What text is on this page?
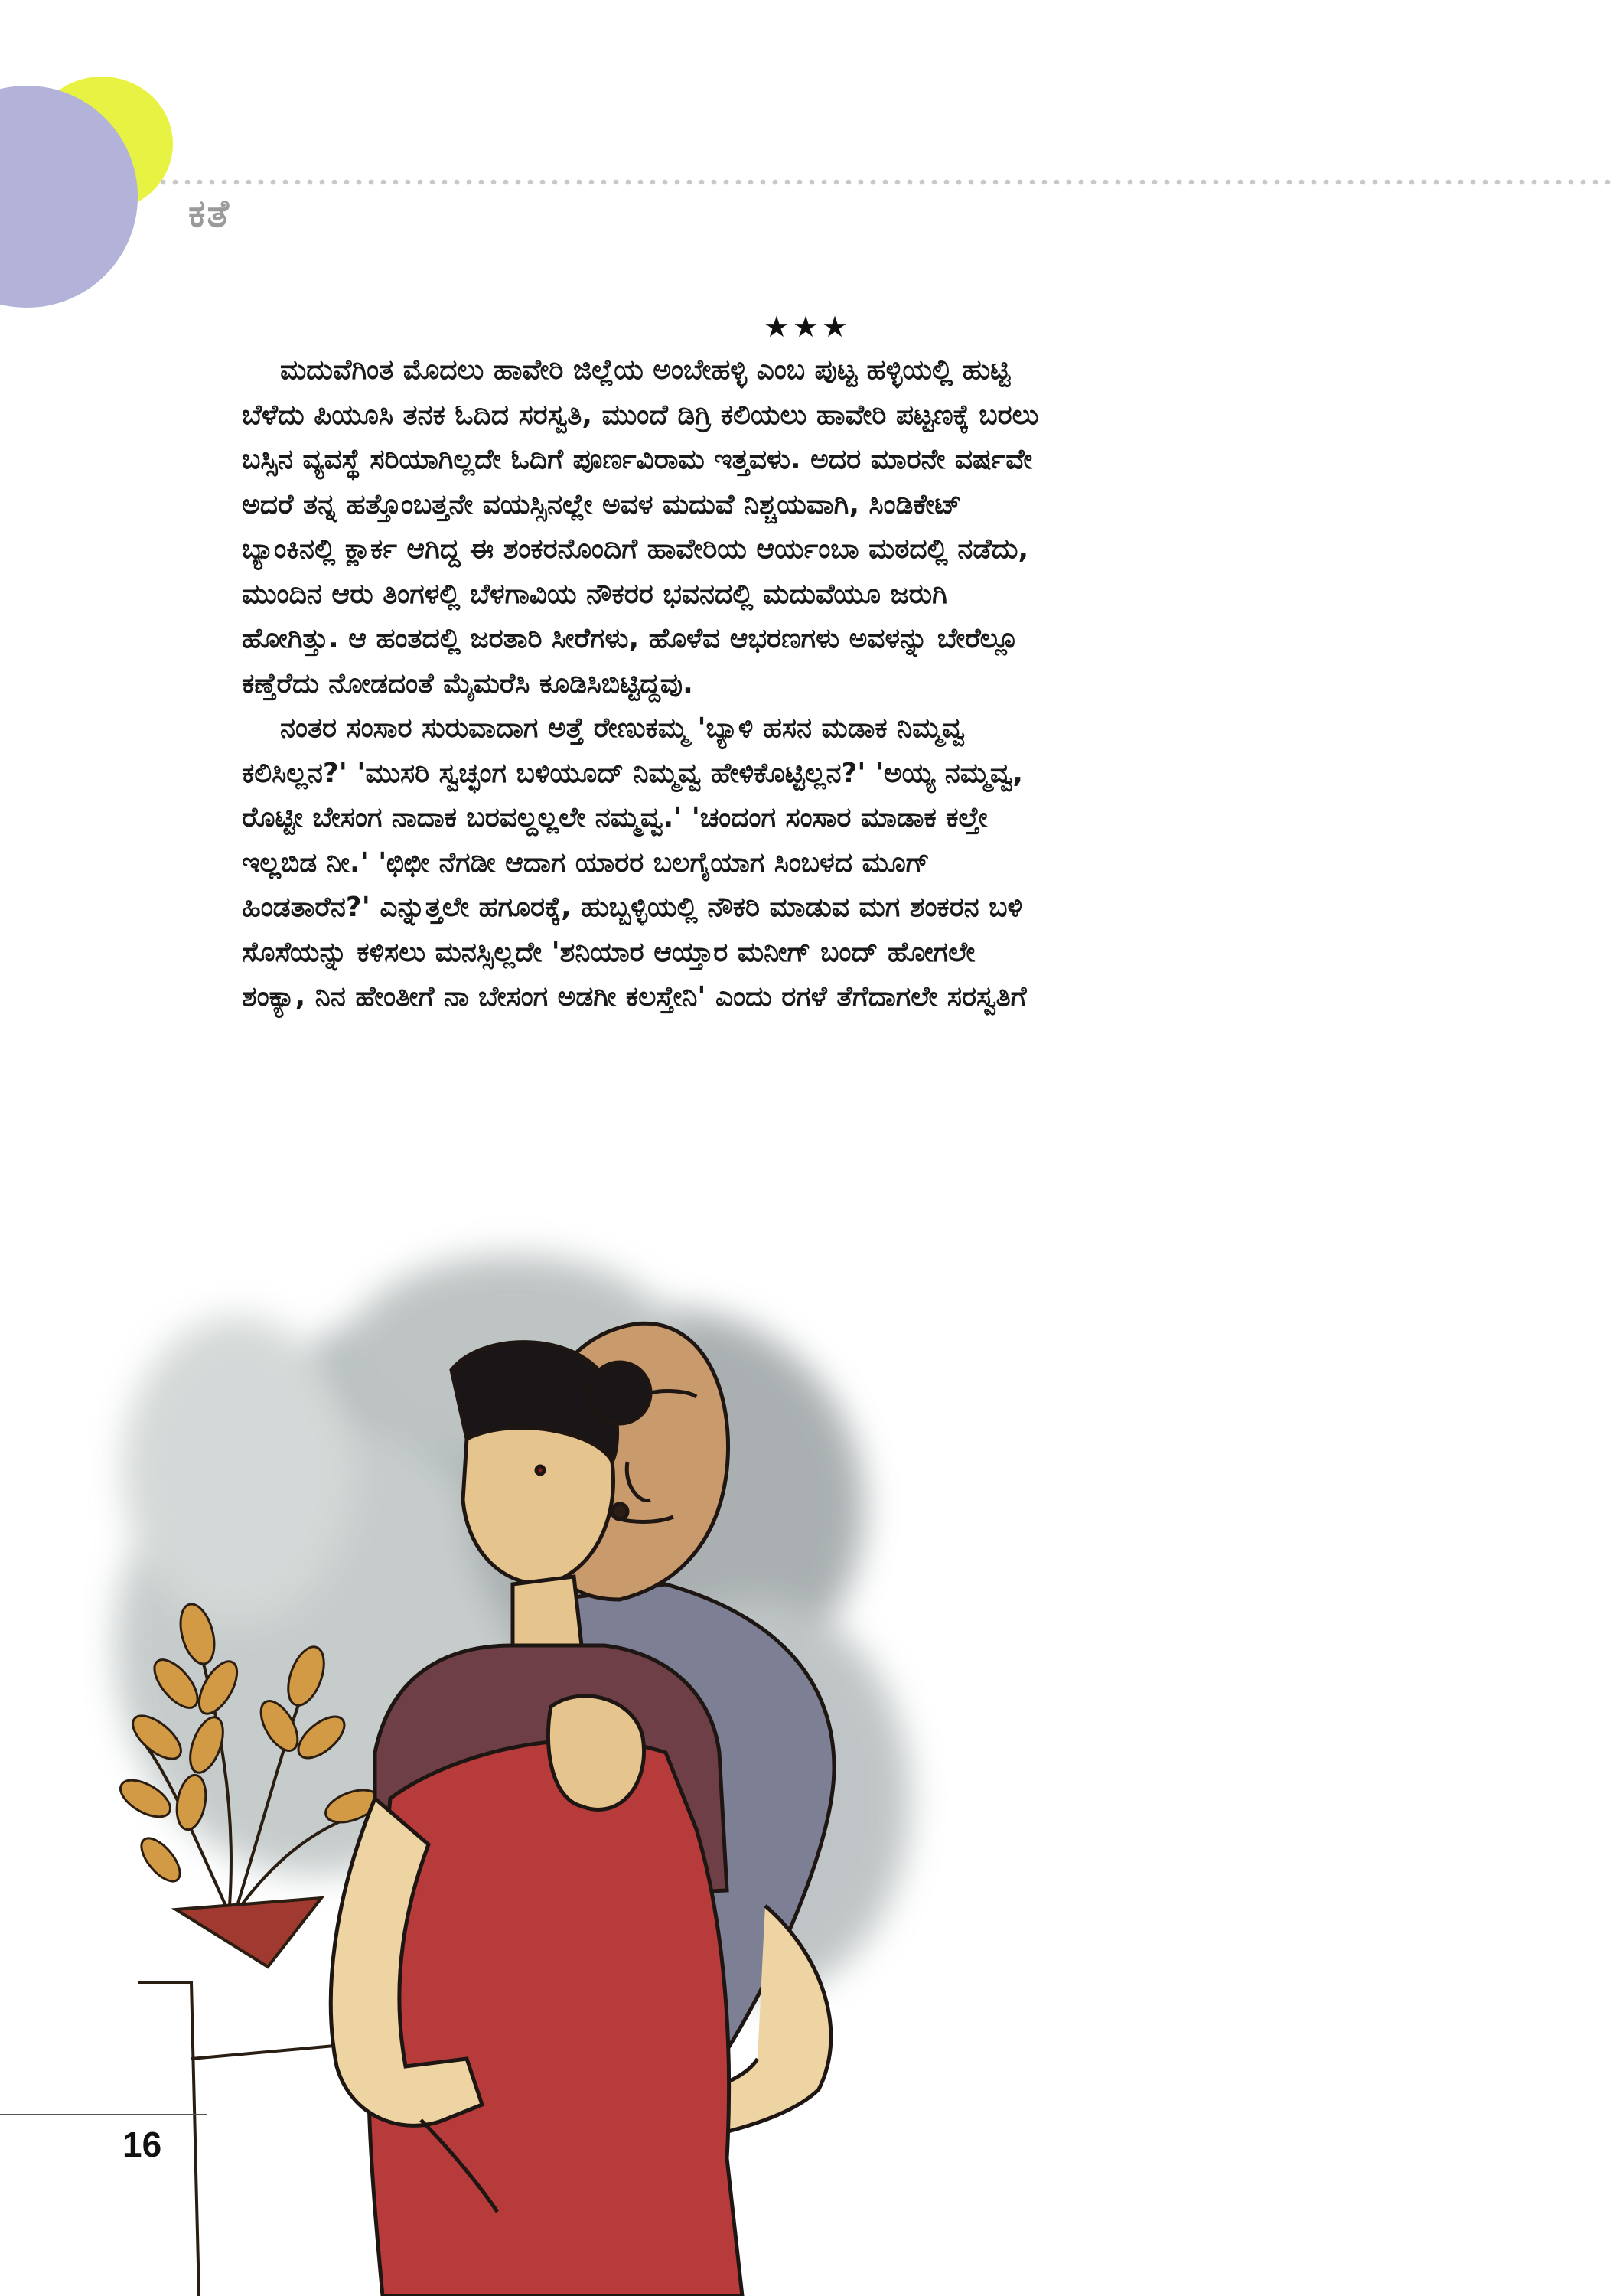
ಕತೆ
★★★
ಮದುವೆಗಿಂತ ಮೊದಲು ಹಾವೇರಿ ಜಿಲ್ಲೆಯ ಅಂಬೇಹಳ್ಳಿ ಎಂಬ ಪುಟ್ಟ ಹಳ್ಳಿಯಲ್ಲಿ ಹುಟ್ಟಿ
ಬೆಳೆದು ಪಿಯೂಸಿ ತನಕ ಓದಿದ ಸರಸ್ವತಿ, ಮುಂದೆ ಡಿಗ್ರಿ ಕಲಿಯಲು ಹಾವೇರಿ ಪಟ್ಟಣಕ್ಕೆ ಬರಲು
ಬಸ್ಸಿನ ವ್ಯವಸ್ಥೆ ಸರಿಯಾಗಿಲ್ಲದೇ ಓದಿಗೆ ಪೂರ್ಣವಿರಾಮ ಇತ್ತವಳು. ಅದರ ಮಾರನೇ ವರ್ಷವೇ
ಅದರೆ ತನ್ನ ಹತ್ತೊಂಬತ್ತನೇ ವಯಸ್ಸಿನಲ್ಲೇ ಅವಳ ಮದುವೆ ನಿಶ್ಚಯವಾಗಿ, ಸಿಂಡಿಕೇಟ್
ಬ್ಯಾಂಕಿನಲ್ಲಿ ಕ್ಲಾರ್ಕ ಆಗಿದ್ದ ಈ ಶಂಕರನೊಂದಿಗೆ ಹಾವೇರಿಯ ಆರ್ಯಂಬಾ ಮಠದಲ್ಲಿ ನಡೆದು,
ಮುಂದಿನ ಆರು ತಿಂಗಳಲ್ಲಿ ಬೆಳಗಾವಿಯ ನೌಕರರ ಭವನದಲ್ಲಿ ಮದುವೆಯೂ ಜರುಗಿ
ಹೋಗಿತ್ತು. ಆ ಹಂತದಲ್ಲಿ ಜರತಾರಿ ಸೀರೆಗಳು, ಹೊಳೆವ ಆಭರಣಗಳು ಅವಳನ್ನು ಬೇರೆಲ್ಲೂ
ಕಣ್ತೆರೆದು ನೋಡದಂತೆ ಮೈಮರೆಸಿ ಕೂಡಿಸಿಬಿಟ್ಟಿದ್ದವು.
ನಂತರ ಸಂಸಾರ ಸುರುವಾದಾಗ ಅತ್ತೆ ರೇಣುಕಮ್ಮ 'ಬ್ಯಾಳಿ ಹಸನ ಮಡಾಕ ನಿಮ್ಮವ್ವ
ಕಲಿಸಿಲ್ಲನ?' 'ಮುಸರಿ ಸ್ವಚ್ಛಂಗ ಬಳಿಯೂದ್ ನಿಮ್ಮವ್ವ ಹೇಳಿಕೊಟ್ಟಿಲ್ಲನ?' 'ಅಯ್ಯ ನಮ್ಮವ್ವ,
ರೊಟ್ಟೀ ಬೇಸಂಗ ನಾದಾಕ ಬರವಲ್ದಲ್ಲಲೇ ನಮ್ಮವ್ವ.' 'ಚಂದಂಗ ಸಂಸಾರ ಮಾಡಾಕ ಕಲ್ತೇ
ಇಲ್ಲಬಿಡ ನೀ.' 'ಛಿಛೀ ನೆಗಡೀ ಆದಾಗ ಯಾರರ ಬಲಗೈಯಾಗ ಸಿಂಬಳದ ಮೂಗ್
ಹಿಂಡತಾರೆನ?' ಎನ್ನುತ್ತಲೇ ಹಗೂರಕ್ಕೆ, ಹುಬ್ಬಳ್ಳಿಯಲ್ಲಿ ನೌಕರಿ ಮಾಡುವ ಮಗ ಶಂಕರನ ಬಳಿ
ಸೊಸೆಯನ್ನು ಕಳಿಸಲು ಮನಸ್ಸಿಲ್ಲದೇ 'ಶನಿಯಾರ ಆಯ್ತಾರ ಮನೀಗ್ ಬಂದ್ ಹೋಗಲೇ
ಶಂಕ್ಯಾ, ನಿನ ಹೇಂತೀಗೆ ನಾ ಬೇಸಂಗ ಅಡಗೀ ಕಲಸ್ತೇನಿ' ಎಂದು ರಗಳೆ ತೆಗೆದಾಗಲೇ ಸರಸ್ವತಿಗೆ
16
